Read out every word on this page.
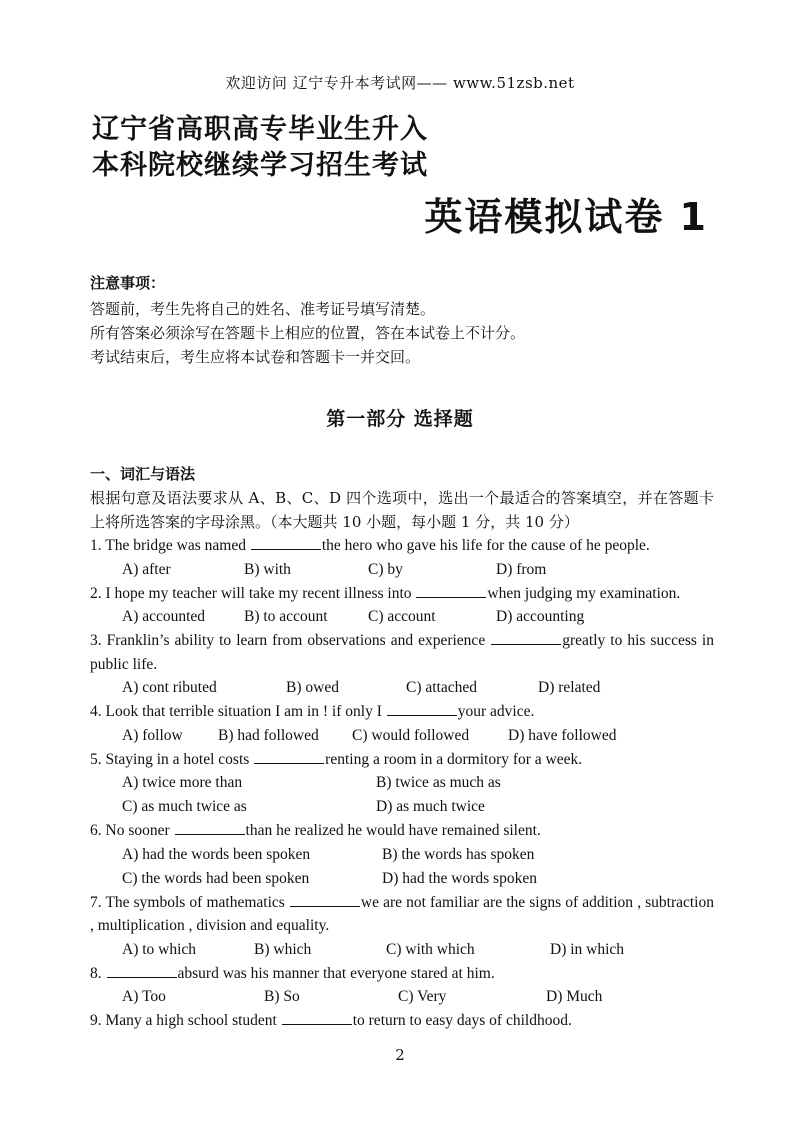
欢迎访问 辽宁专升本考试网—— www.51zsb.net
辽宁省高职高专毕业生升入
本科院校继续学习招生考试
英语模拟试卷 1
注意事项：
答题前，考生先将自己的姓名、准考证号填写清楚。
所有答案必须涂写在答题卡上相应的位置，答在本试卷上不计分。
考试结束后，考生应将本试卷和答题卡一并交回。
第一部分 选择题
一、词汇与语法
根据句意及语法要求从 A、B、C、D 四个选项中，选出一个最适合的答案填空，并在答题卡上将所选答案的字母涂黑。（本大题共 10 小题，每小题 1 分，共 10 分）
1. The bridge was named	the hero who gave his life for the cause of he people.
A) after	B) with	C) by	D) from
2. I hope my teacher will take my recent illness into	when judging my examination.
A) accounted	B) to account	C) account	D) accounting
3. Franklin’s ability to learn from observations and experience	greatly to his success in public life.
A) cont ributed	B) owed	C) attached	D) related
4. Look that terrible situation I am in ! if only I	your advice.
A) follow	B) had followed	C) would followed	D) have followed
5. Staying in a hotel costs	renting a room in a dormitory for a week.
A) twice more than	B) twice as much as
C) as much twice as	D) as much twice
6. No sooner	than he realized he would have remained silent.
A) had the words been spoken	B) the words has spoken
C) the words had been spoken	D) had the words spoken
7. The symbols of mathematics	we are not familiar are the signs of addition , subtraction , multiplication , division and equality.
A) to which	B) which	C) with which	D) in which
8.	absurd was his manner that everyone stared at him.
A) Too	B) So	C) Very	D) Much
9. Many a high school student	to return to easy days of childhood.
2
